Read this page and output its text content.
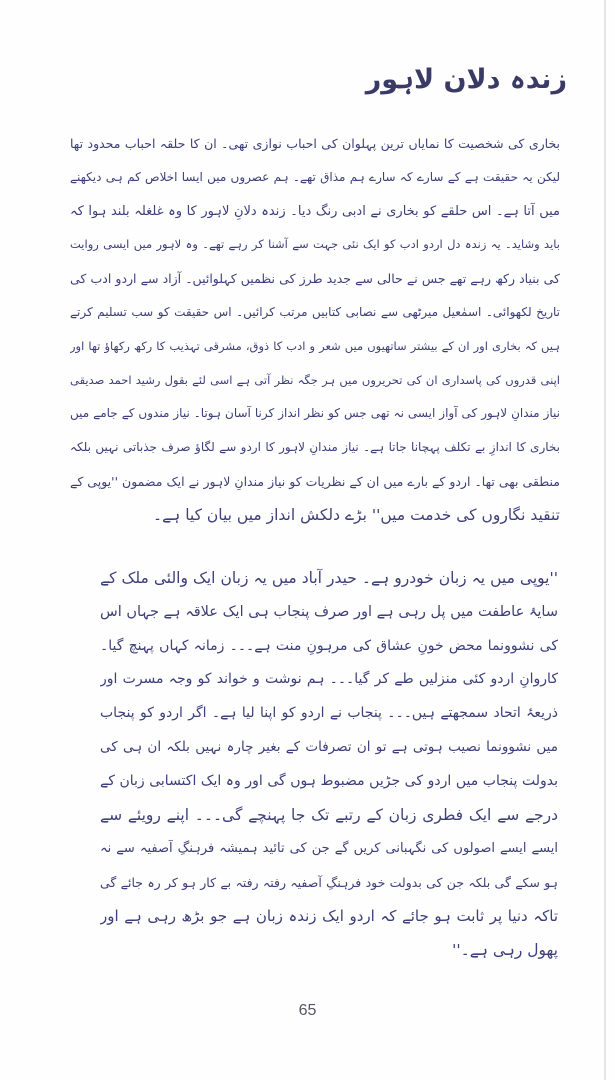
زندہ دلان لاہور
بخاری کی شخصیت کا نمایاں ترین پہلوان کی احباب نوازی تھی۔ ان کا حلقہ احباب محدود تھا
لیکن یہ حقیقت ہے کے سارے کہ سارے ہم مذاق تھے۔ ہم عصروں میں ایسا اخلاص کم ہی دیکھنے
میں آتا ہے۔ اس حلقے کو بخاری نے ادبی رنگ دیا۔ زندہ دلانِ لاہور کا وہ غلغلہ بلند ہوا کہ
باید وشاید۔ یہ زندہ دل اردو ادب کو ایک نئی جہت سے آشنا کر رہے تھے۔ وہ لاہور میں ایسی روایت
کی بنیاد رکھ رہے تھے جس نے حالی سے جدید طرز کی نظمیں کہلوائیں۔ آزاد سے اردو ادب کی
تاریخ لکھوائی۔ اسمٰعیل میرٹھی سے نصابی کتابیں مرتب کرائیں۔ اس حقیقت کو سب تسلیم کرتے
ہیں کہ بخاری اور ان کے بیشتر ساتھیوں میں شعر و ادب کا ذوق، مشرقی تہذیب کا رکھ رکھاؤ تھا اور
اپنی قدروں کی پاسداری ان کی تحریروں میں ہر جگہ نظر آتی ہے اسی لئے بقول رشید احمد صدیقی
نیاز مندانِ لاہور کی آواز ایسی نہ تھی جس کو نظر انداز کرنا آسان ہوتا۔ نیاز مندوں کے جامے میں
بخاری کا اندازِ بے تکلف پہچانا جاتا ہے۔ نیاز مندانِ لاہور کا اردو سے لگاؤ صرف جذباتی نہیں بلکہ
منطقی بھی تھا۔ اردو کے بارے میں ان کے نظریات کو نیاز مندانِ لاہور نے ایک مضمون ''یوپی کے
تنقید نگاروں کی خدمت میں'' بڑے دلکش انداز میں بیان کیا ہے۔
''یوپی میں یہ زبان خودرو ہے۔ حیدر آباد میں یہ زبان ایک والئی ملک کے
سایۂ عاطفت میں پل رہی ہے اور صرف پنجاب ہی ایک علاقہ ہے جہاں اس
کی نشوونما محض خونِ عشاق کی مرہونِ منت ہے۔۔۔ زمانہ کہاں پہنچ گیا۔
کاروانِ اردو کئی منزلیں طے کر گیا۔۔۔ ہم نوشت و خواند کو وجہ مسرت اور
ذریعۂ اتحاد سمجھتے ہیں۔۔۔ پنجاب نے اردو کو اپنا لیا ہے۔ اگر اردو کو پنجاب
میں نشوونما نصیب ہوتی ہے تو ان تصرفات کے بغیر چارہ نہیں بلکہ ان ہی کی
بدولت پنجاب میں اردو کی جڑیں مضبوط ہوں گی اور وہ ایک اکتسابی زبان کے
درجے سے ایک فطری زبان کے رتبے تک جا پہنچے گی۔۔۔ اپنے رویئے سے
ایسے ایسے اصولوں کی نگہبانی کریں گے جن کی تائید ہمیشہ فرہنگِ آصفیہ سے نہ
ہو سکے گی بلکہ جن کی بدولت خود فرہنگِ آصفیہ رفتہ رفتہ بے کار ہو کر رہ جائے گی
تاکہ دنیا پر ثابت ہو جائے کہ اردو ایک زندہ زبان ہے جو بڑھ رہی ہے اور
پھول رہی ہے۔''
65
